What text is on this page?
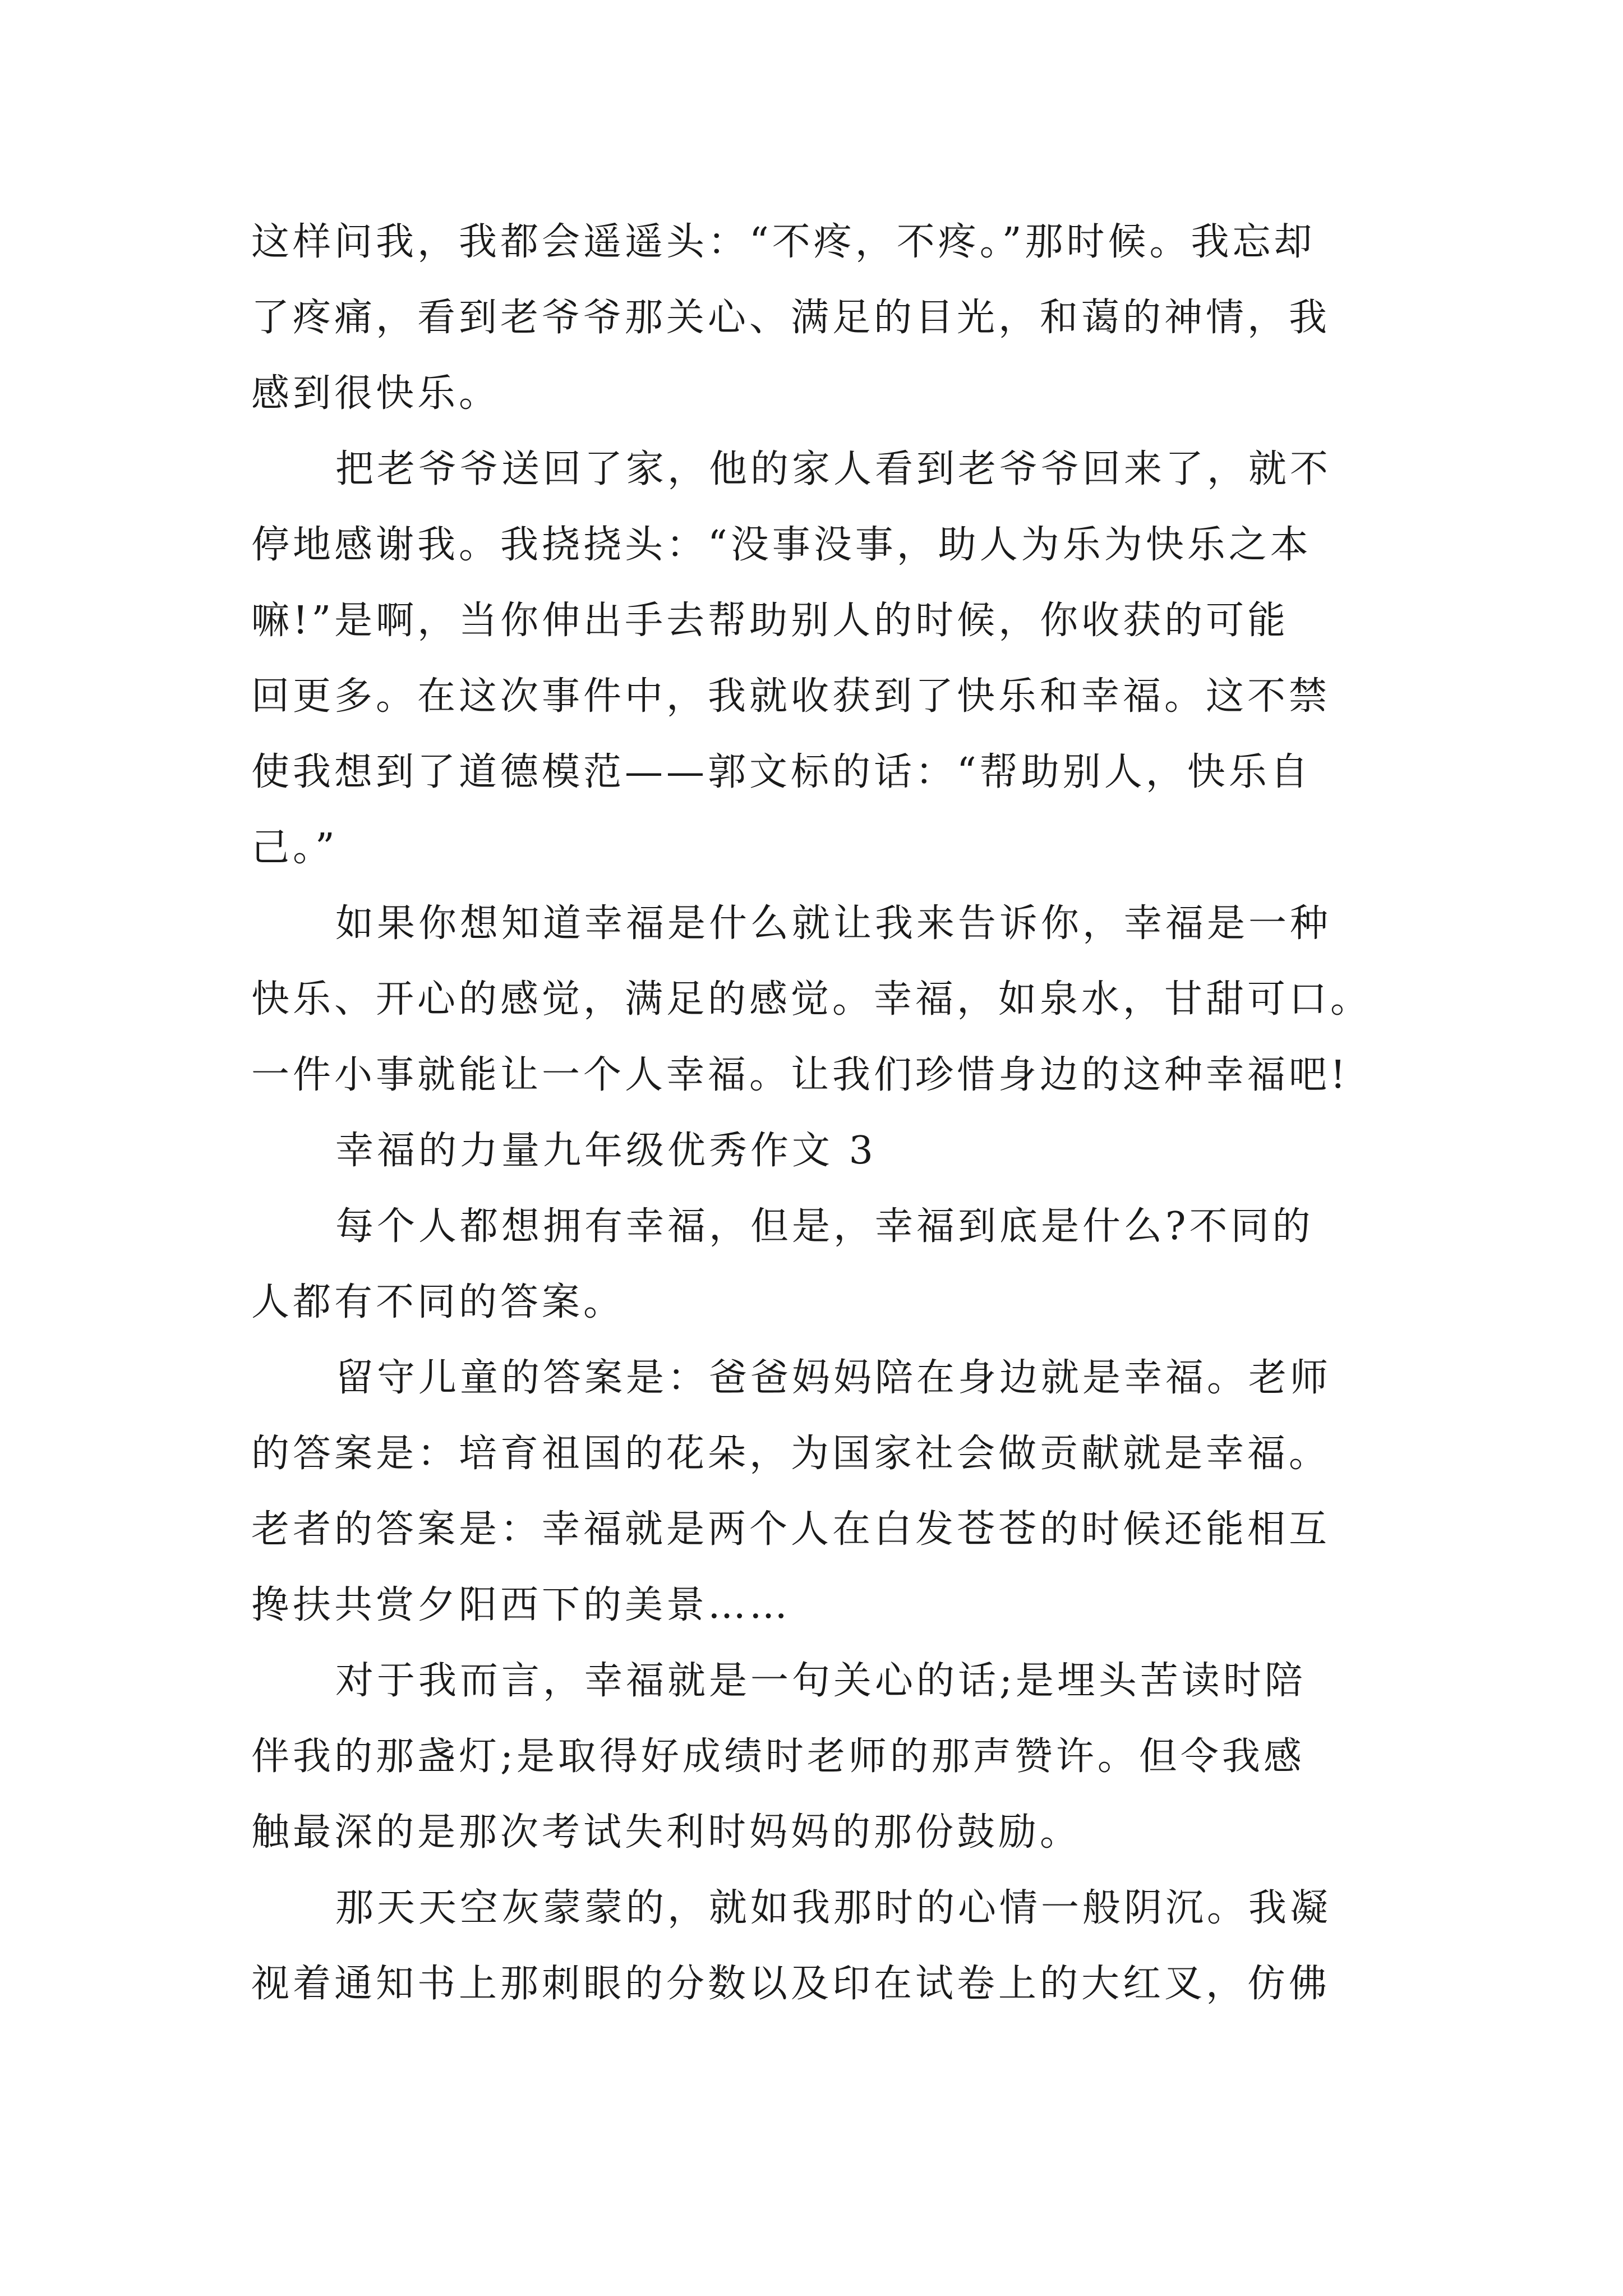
这样问我，我都会遥遥头：“不疼，不疼。”那时候。我忘却
了疼痛，看到老爷爷那关心、满足的目光，和蔼的神情，我
感到很快乐。
把老爷爷送回了家，他的家人看到老爷爷回来了，就不
停地感谢我。我挠挠头：“没事没事，助人为乐为快乐之本
嘛!”是啊，当你伸出手去帮助别人的时候，你收获的可能
回更多。在这次事件中，我就收获到了快乐和幸福。这不禁
使我想到了道德模范——郭文标的话：“帮助别人，快乐自
己。”
如果你想知道幸福是什么就让我来告诉你，幸福是一种
快乐、开心的感觉，满足的感觉。幸福，如泉水，甘甜可口。
一件小事就能让一个人幸福。让我们珍惜身边的这种幸福吧!
幸福的力量九年级优秀作文 3
每个人都想拥有幸福，但是，幸福到底是什么?不同的
人都有不同的答案。
留守儿童的答案是：爸爸妈妈陪在身边就是幸福。老师
的答案是：培育祖国的花朵，为国家社会做贡献就是幸福。
老者的答案是：幸福就是两个人在白发苍苍的时候还能相互
搀扶共赏夕阳西下的美景……
对于我而言，幸福就是一句关心的话;是埋头苦读时陪
伴我的那盏灯;是取得好成绩时老师的那声赞许。但令我感
触最深的是那次考试失利时妈妈的那份鼓励。
那天天空灰蒙蒙的，就如我那时的心情一般阴沉。我凝
视着通知书上那刺眼的分数以及印在试卷上的大红叉，仿佛
